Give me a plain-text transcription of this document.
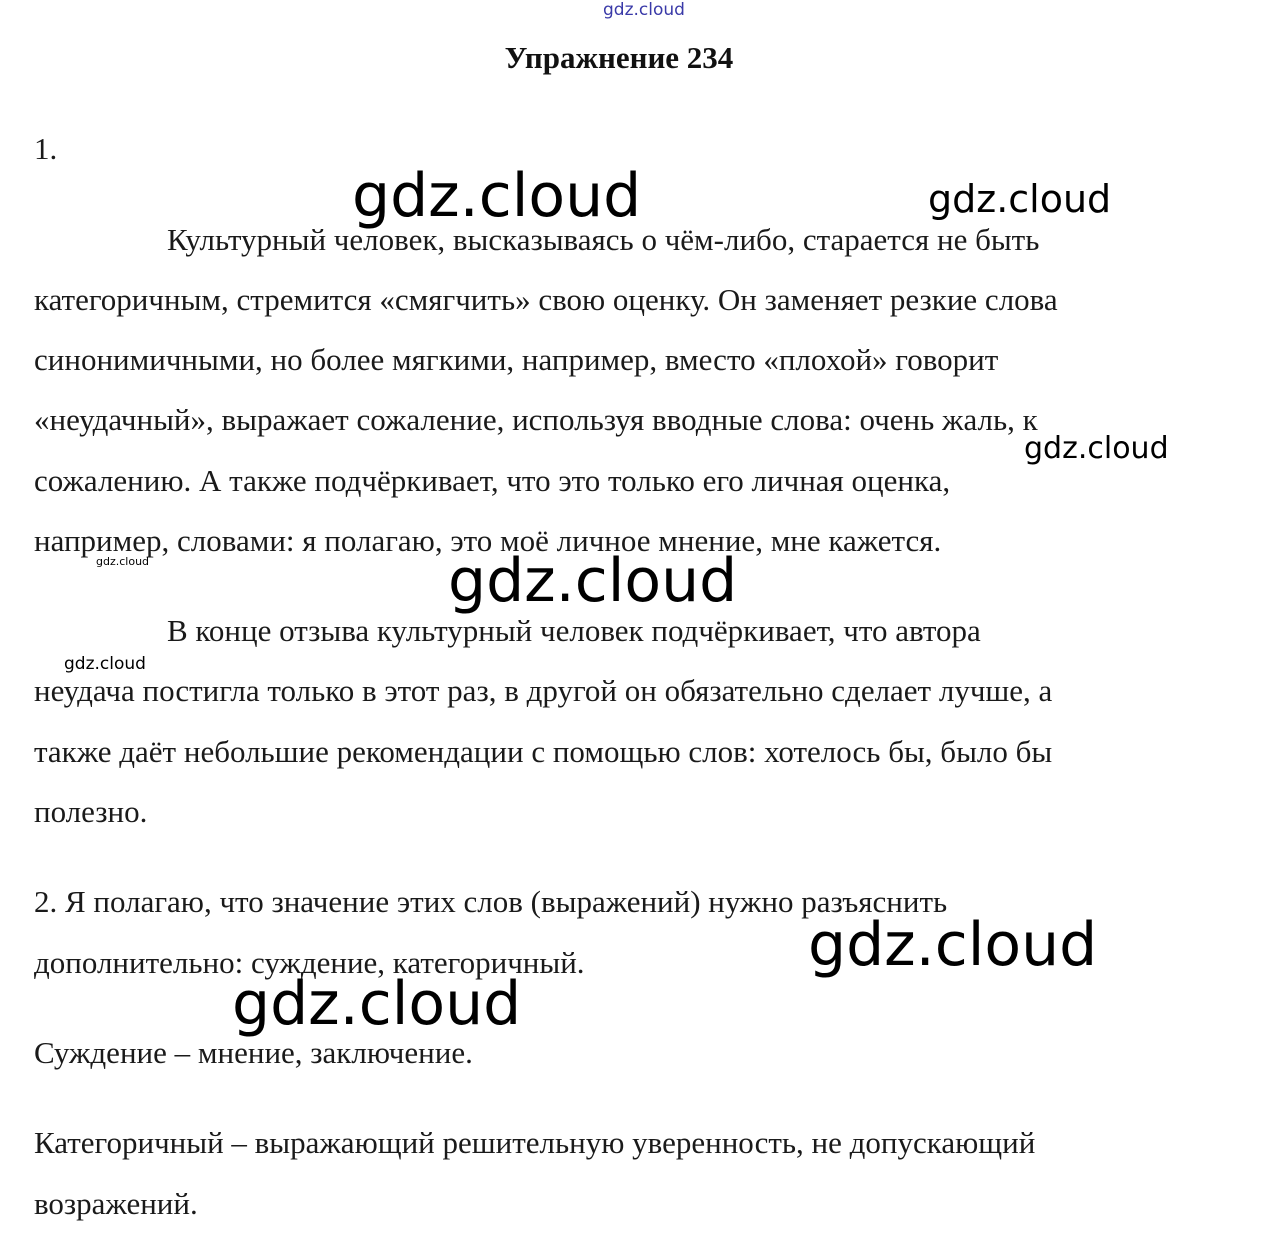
gdz.cloud
Упражнение 234
1.
Культурный человек, высказываясь о чём-либо, старается не быть
категоричным, стремится «смягчить» свою оценку. Он заменяет резкие слова
синонимичными, но более мягкими, например, вместо «плохой» говорит
«неудачный», выражает сожаление, используя вводные слова: очень жаль, к
сожалению. А также подчёркивает, что это только его личная оценка,
например, словами: я полагаю, это моё личное мнение, мне кажется.
В конце отзыва культурный человек подчёркивает, что автора
неудача постигла только в этот раз, в другой он обязательно сделает лучше, а
также даёт небольшие рекомендации с помощью слов: хотелось бы, было бы
полезно.
2. Я полагаю, что значение этих слов (выражений) нужно разъяснить
дополнительно: суждение, категоричный.
Суждение – мнение, заключение.
Категоричный – выражающий решительную уверенность, не допускающий
возражений.
gdz.cloud	gdz.cloud
gdz.cloud
gdz.cloud	gdz.cloud
gdz.cloud
gdz.cloud
gdz.cloud
